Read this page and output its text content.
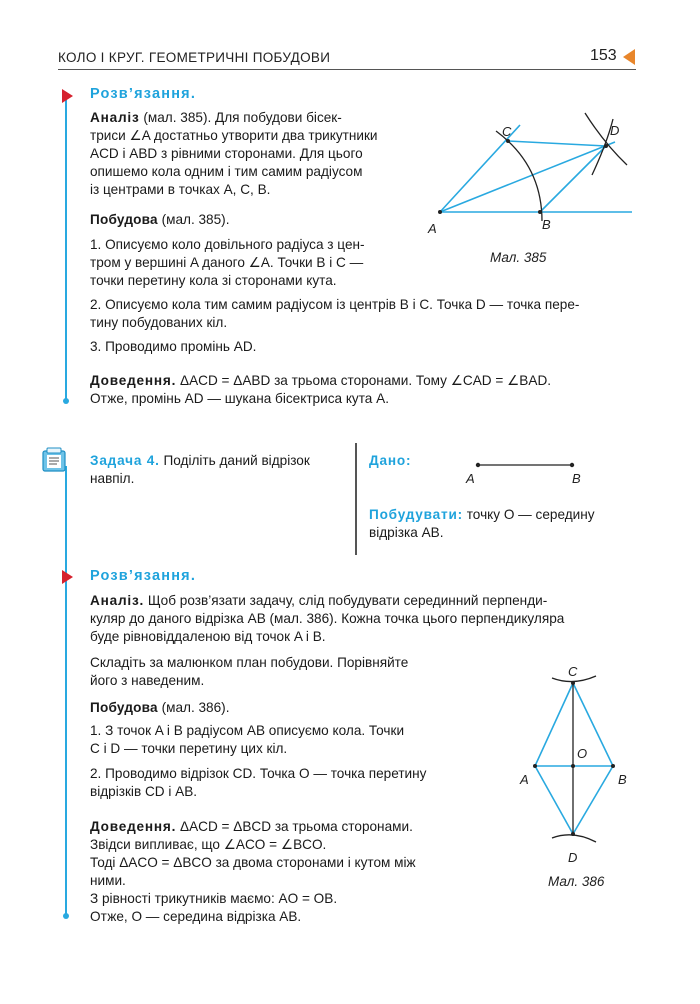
КОЛО І КРУГ. ГЕОМЕТРИЧНІ ПОБУДОВИ	153
Розв’язання.
Аналіз (мал. 385). Для побудови бісек-
триси ∠A достатньо утворити два трикутники
ACD і ABD з рівними сторонами. Для цього
опишемо кола одним і тим самим радіусом
із центрами в точках A, C, B.
Побудова (мал. 385).
1. Описуємо коло довільного радіуса з цен-
тром у вершині A даного ∠A. Точки B і C —
точки перетину кола зі сторонами кута.
2. Описуємо кола тим самим радіусом із центрів B і C. Точка D — точка пере-
тину побудованих кіл.
3. Проводимо промінь AD.
Доведення. ΔACD = ΔABD за трьома сторонами. Тому ∠CAD = ∠BAD.
Отже, промінь AD — шукана бісектриса кута A.
A	B
C	D
Мал. 385
Задача 4. Поділіть даний відрізок
навпіл.
Дано:
A	B
Побудувати: точку O — середину
відрізка AB.
Розв’язання.
Аналіз. Щоб розв’язати задачу, слід побудувати серединний перпенди-
куляр до даного відрізка AB (мал. 386). Кожна точка цього перпендикуляра
буде рівновіддаленою від точок A і B.
Складіть за малюнком план побудови. Порівняйте
його з наведеним.
Побудова (мал. 386).
1. З точок A і B радіусом AB описуємо кола. Точки
C і D — точки перетину цих кіл.
2. Проводимо відрізок CD. Точка O — точка перетину
відрізків CD і AB.
Доведення. ΔACD = ΔBCD за трьома сторонами.
Звідси випливає, що ∠ACO = ∠BCO.
Тоді ΔACO = ΔBCO за двома сторонами і кутом між
ними.
З рівності трикутників маємо: AO = OB.
Отже, O — середина відрізка AB.
C
A
O
B
D
Мал. 386
